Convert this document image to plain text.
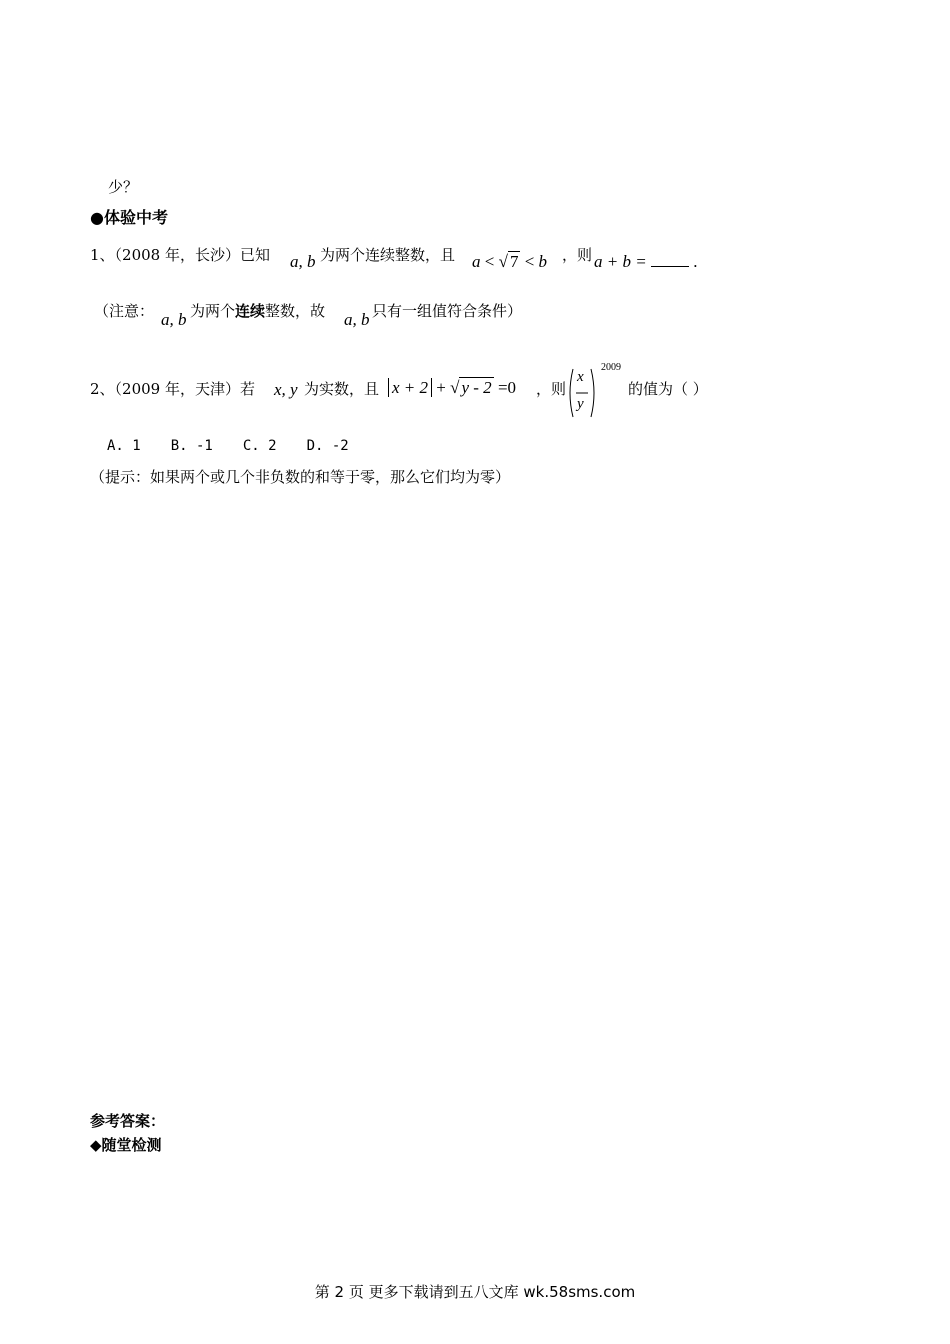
少？
●体验中考
1、（2008 年，长沙）已知 a, b 为两个连续整数，且 a < √ 7 < b ，则 a + b =	.
（注意： a, b 为两个连续整数，故 a, b 只有一组值符合条件）
2、（2009 年，天津）若 x, y 为实数，且 x + 2 + √ y - 2 =0 ，则
x
y
2009
的值为（ ）
A. 1 B. -1 C. 2 D. -2
（提示：如果两个或几个非负数的和等于零，那么它们均为零）
参考答案：
◆随堂检测
第 2 页 更多下载请到五八文库 wk.58sms.com
